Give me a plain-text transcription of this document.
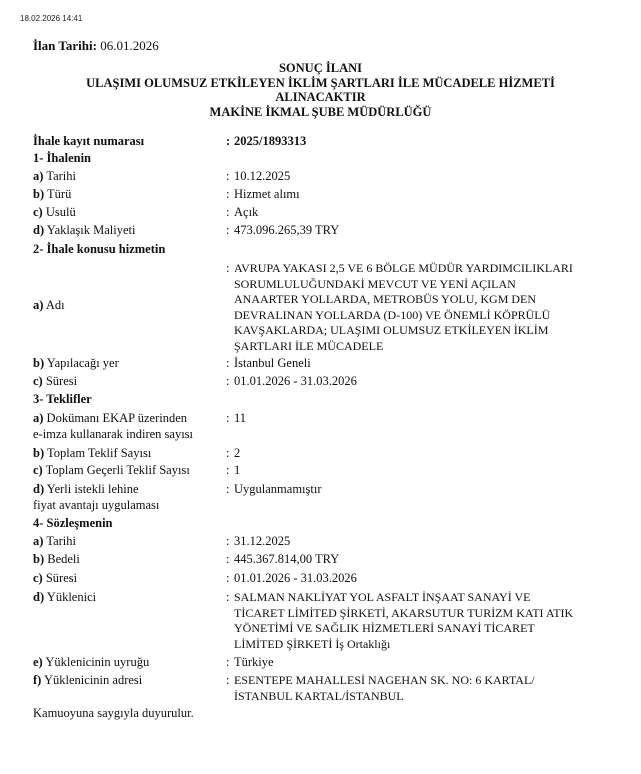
18.02.2026 14:41
İlan Tarihi: 06.01.2026
SONUÇ İLANI
ULAŞIMI OLUMSUZ ETKİLEYEN İKLİM ŞARTLARI İLE MÜCADELE HİZMETİ
ALINACAKTIR
MAKİNE İKMAL ŞUBE MÜDÜRLÜĞÜ
İhale kayıt numarası	: 2025/1893313
1- İhalenin
a) Tarihi	: 10.12.2025
b) Türü	: Hizmet alımı
c) Usulü	: Açık
d) Yaklaşık Maliyeti	: 473.096.265,39 TRY
2- İhale konusu hizmetin
a) Adı
: AVRUPA YAKASI 2,5 VE 6 BÖLGE MÜDÜR YARDIMCILIKLARI
SORUMLULUĞUNDAKİ MEVCUT VE YENİ AÇILAN
ANAARTER YOLLARDA, METROBÜS YOLU, KGM DEN
DEVRALINAN YOLLARDA (D-100) VE ÖNEMLİ KÖPRÜLÜ
KAVŞAKLARDA; ULAŞIMI OLUMSUZ ETKİLEYEN İKLİM
ŞARTLARI İLE MÜCADELE
b) Yapılacağı yer	: İstanbul Geneli
c) Süresi	: 01.01.2026 - 31.03.2026
3- Teklifler
a) Dokümanı EKAP üzerinden	: 11
e-imza kullanarak indiren sayısı
b) Toplam Teklif Sayısı	: 2
c) Toplam Geçerli Teklif Sayısı	: 1
d) Yerli istekli lehine	: Uygulanmamıştır
fiyat avantajı uygulaması
4- Sözleşmenin
a) Tarihi	: 31.12.2025
b) Bedeli	: 445.367.814,00 TRY
c) Süresi	: 01.01.2026 - 31.03.2026
d) Yüklenici	: SALMAN NAKLİYAT YOL ASFALT İNŞAAT SANAYİ VE
TİCARET LİMİTED ŞİRKETİ, AKARSUTUR TURİZM KATI ATIK
YÖNETİMİ VE SAĞLIK HİZMETLERİ SANAYİ TİCARET
LİMİTED ŞİRKETİ İş Ortaklığı
e) Yüklenicinin uyruğu	: Türkiye
f) Yüklenicinin adresi	: ESENTEPE MAHALLESİ NAGEHAN SK. NO: 6 KARTAL/
İSTANBUL KARTAL/İSTANBUL
Kamuoyuna saygıyla duyurulur.
